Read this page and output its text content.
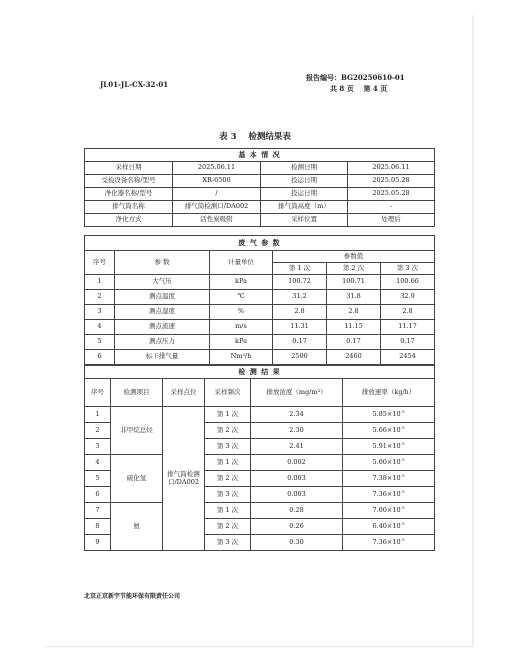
JL01-JL-CX-32-01
报告编号：BG20250610-01
共 8 页    第 4 页
表 3    检测结果表
基 本 情 况			
采样日期	2025.06.11	检测日期	2025.06.11
受检设备名称/型号	XR-6500	投运日期	2025.05.28
净化器名称/型号	/	投运日期	2025.05.28
排气筒名称	排气筒检测口/DA002	排气筒高度（m）	-
净化方式	活性炭吸附	采样位置	处理后
废 气 参 数					
序号	参 数	计量单位	参数值		
			第 1 次	第 2 次	第 3 次
1	大气压	kPa	100.72	100.71	100.66
2	测点温度	℃	31.2	31.8	32.9
3	测点湿度	%	2.8	2.8	2.8
4	测点流速	m/s	11.31	11.15	11.17
5	测点压力	kPa	0.17	0.17	0.17
6	标干排气量	Nm³/h	2500	2460	2454
检 测 结 果					
序号	检测项目	采样点位	采样频次	排放浓度（mg/m³）	排放速率（kg/h）
1	非甲烷总烃	排气筒检测口/DA002	第 1 次	2.34	$5.85\times 10^{-3}$
2			第 2 次	2.30	$5.66\times 10^{-3}$
3			第 3 次	2.41	$5.91\times 10^{-3}$
4	硫化氢		第 1 次	0.002	$5.00\times 10^{-3}$
5			第 2 次	0.003	$7.38\times 10^{-3}$
6			第 3 次	0.003	$7.36\times 10^{-3}$
7	氨		第 1 次	0.28	$7.00\times 10^{-3}$
8			第 2 次	0.26	$6.40\times 10^{-3}$
9			第 3 次	0.30	$7.36\times 10^{-3}$
北京正京新宇节能环保有限责任公司
